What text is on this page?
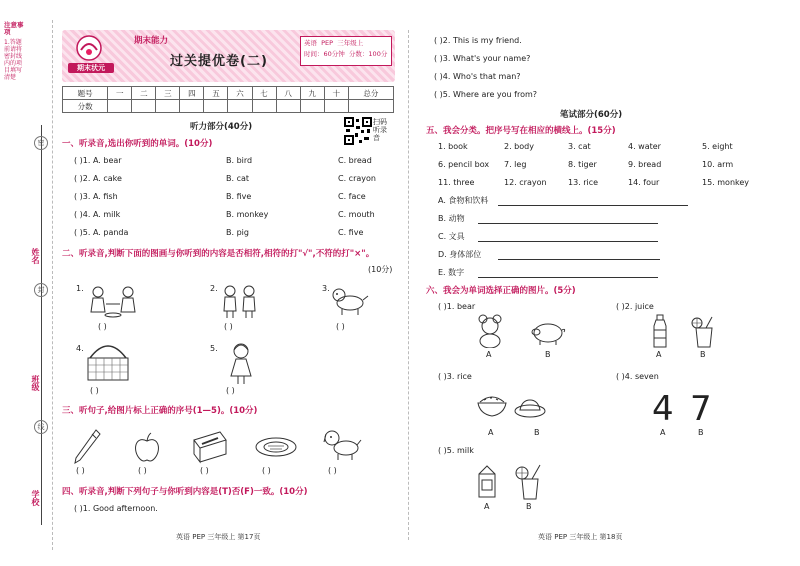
注意事项
1.答题前请将密封线内的项目填写清楚
密
封
线
姓名
班级
学校
期末状元
期末能力
过关提优卷(二)
英语 PEP 三年级上
时间：60分钟 分数：100分
题号	一	二	三	四	五	六	七	八	九	十	总分
分数											
听力部分(40分)	扫码听录音
一、听录音,选出你听到的单词。(10分)
( )1. A. bear	B. bird	C. bread
( )2. A. cake	B. cat	C. crayon
( )3. A. fish	B. five	C. face
( )4. A. milk	B. monkey	C. mouth
( )5. A. panda	B. pig	C. five
二、听录音,判断下面的图画与你听到的内容是否相符,相符的打"√",不符的打"×"。
(10分)
1.
( )
2.
( )
3.
( )
4.
( )
5.
( )
三、听句子,给图片标上正确的序号(1—5)。(10分)
( )	( )	( )	( )	( )
四、听录音,判断下列句子与你听到内容是(T)否(F)一致。(10分)
( )1. Good afternoon.
英语 PEP 三年级上 第17页
( )2. This is my friend.
( )3. What's your name?
( )4. Who's that man?
( )5. Where are you from?
笔试部分(60分)
五、我会分类。把序号写在相应的横线上。(15分)
1. book	2. body	3. cat	4. water	5. eight
6. pencil box 7. leg	8. tiger	9. bread	10. arm
11. three	12. crayon	13. rice	14. four	15. monkey
A. 食物和饮料
B. 动物
C. 文具
D. 身体部位
E. 数字
六、我会为单词选择正确的图片。(5分)
( )1. bear
A	B
( )2. juice
A	B
( )3. rice
A	B
( )4. seven
4 7
A	B
( )5. milk
A	B
英语 PEP 三年级上 第18页
